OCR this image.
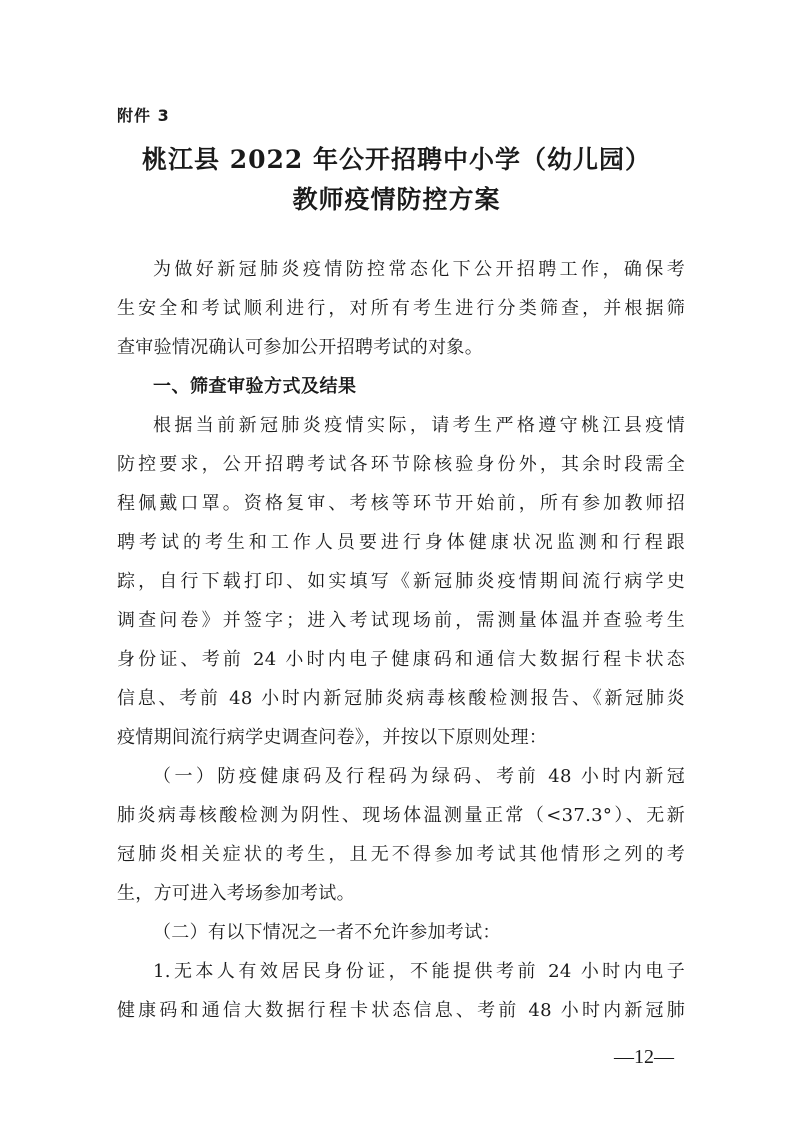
附件 3
桃江县 2022 年公开招聘中小学（幼儿园）
教师疫情防控方案
为做好新冠肺炎疫情防控常态化下公开招聘工作，确保考
生安全和考试顺利进行，对所有考生进行分类筛查，并根据筛
查审验情况确认可参加公开招聘考试的对象。
一、筛查审验方式及结果
根据当前新冠肺炎疫情实际，请考生严格遵守桃江县疫情
防控要求，公开招聘考试各环节除核验身份外，其余时段需全
程佩戴口罩。资格复审、考核等环节开始前，所有参加教师招
聘考试的考生和工作人员要进行身体健康状况监测和行程跟
踪，自行下载打印、如实填写《新冠肺炎疫情期间流行病学史
调查问卷》并签字；进入考试现场前，需测量体温并查验考生
身份证、考前 24 小时内电子健康码和通信大数据行程卡状态
信息、考前 48 小时内新冠肺炎病毒核酸检测报告、《新冠肺炎
疫情期间流行病学史调查问卷》，并按以下原则处理：
（一）防疫健康码及行程码为绿码、考前 48 小时内新冠
肺炎病毒核酸检测为阴性、现场体温测量正常（<37.3°）、无新
冠肺炎相关症状的考生，且无不得参加考试其他情形之列的考
生，方可进入考场参加考试。
（二）有以下情况之一者不允许参加考试：
1.无本人有效居民身份证，不能提供考前 24 小时内电子
健康码和通信大数据行程卡状态信息、考前 48 小时内新冠肺
—12—
